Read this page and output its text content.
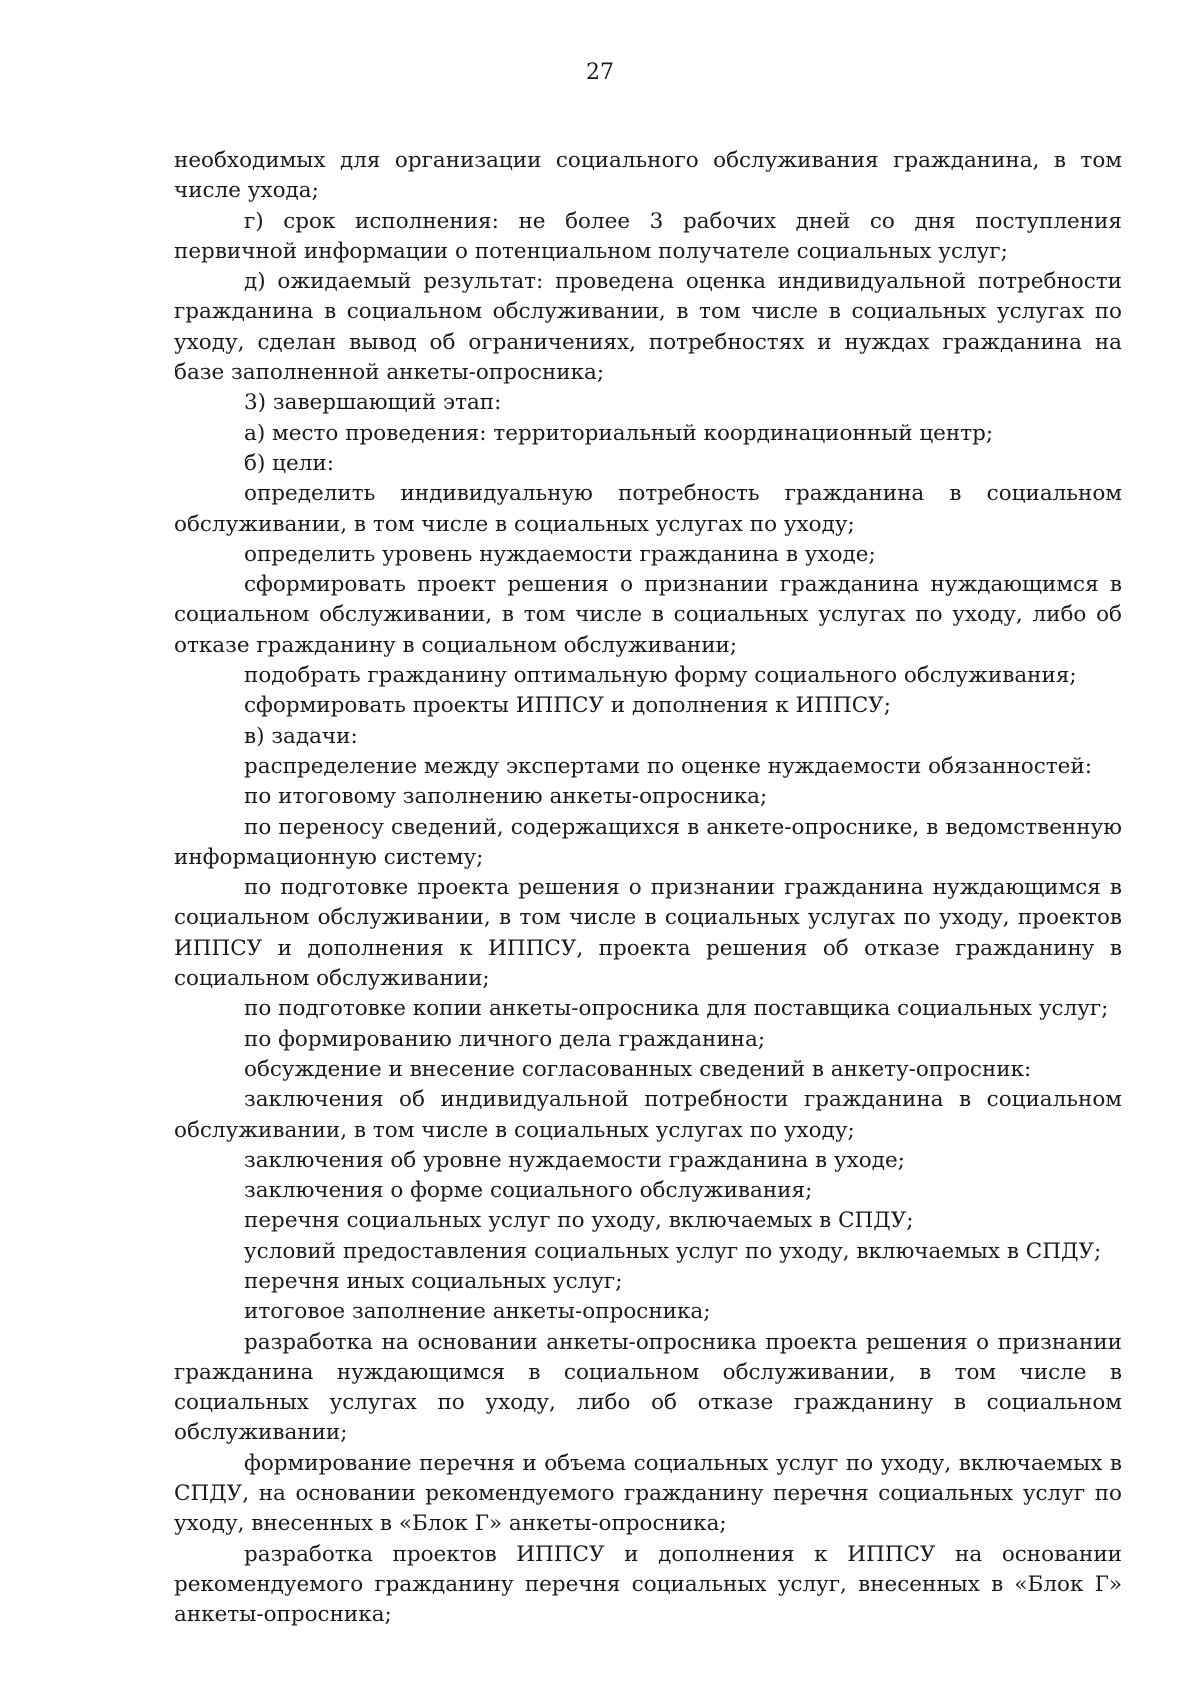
27

необходимых для организации социального обслуживания гражданина, в том числе ухода;

г) срок исполнения: не более 3 рабочих дней со дня поступления первичной информации о потенциальном получателе социальных услуг;

д) ожидаемый результат: проведена оценка индивидуальной потребности гражданина в социальном обслуживании, в том числе в социальных услугах по уходу, сделан вывод об ограничениях, потребностях и нуждах гражданина на базе заполненной анкеты-опросника;

3) завершающий этап:

а) место проведения: территориальный координационный центр;

б) цели:

определить индивидуальную потребность гражданина в социальном обслуживании, в том числе в социальных услугах по уходу;

определить уровень нуждаемости гражданина в уходе;

сформировать проект решения о признании гражданина нуждающимся в социальном обслуживании, в том числе в социальных услугах по уходу, либо об отказе гражданину в социальном обслуживании;

подобрать гражданину оптимальную форму социального обслуживания;

сформировать проекты ИППСУ и дополнения к ИППСУ;

в) задачи:

распределение между экспертами по оценке нуждаемости обязанностей:

по итоговому заполнению анкеты-опросника;

по переносу сведений, содержащихся в анкете-опроснике, в ведомственную информационную систему;

по подготовке проекта решения о признании гражданина нуждающимся в социальном обслуживании, в том числе в социальных услугах по уходу, проектов ИППСУ и дополнения к ИППСУ, проекта решения об отказе гражданину в социальном обслуживании;

по подготовке копии анкеты-опросника для поставщика социальных услуг;

по формированию личного дела гражданина;

обсуждение и внесение согласованных сведений в анкету-опросник:

заключения об индивидуальной потребности гражданина в социальном обслуживании, в том числе в социальных услугах по уходу;

заключения об уровне нуждаемости гражданина в уходе;

заключения о форме социального обслуживания;

перечня социальных услуг по уходу, включаемых в СПДУ;

условий предоставления социальных услуг по уходу, включаемых в СПДУ;

перечня иных социальных услуг;

итоговое заполнение анкеты-опросника;

разработка на основании анкеты-опросника проекта решения о признании гражданина нуждающимся в социальном обслуживании, в том числе в социальных услугах по уходу, либо об отказе гражданину в социальном обслуживании;

формирование перечня и объема социальных услуг по уходу, включаемых в СПДУ, на основании рекомендуемого гражданину перечня социальных услуг по уходу, внесенных в «Блок Г» анкеты-опросника;

разработка проектов ИППСУ и дополнения к ИППСУ на основании рекомендуемого гражданину перечня социальных услуг, внесенных в «Блок Г» анкеты-опросника;
